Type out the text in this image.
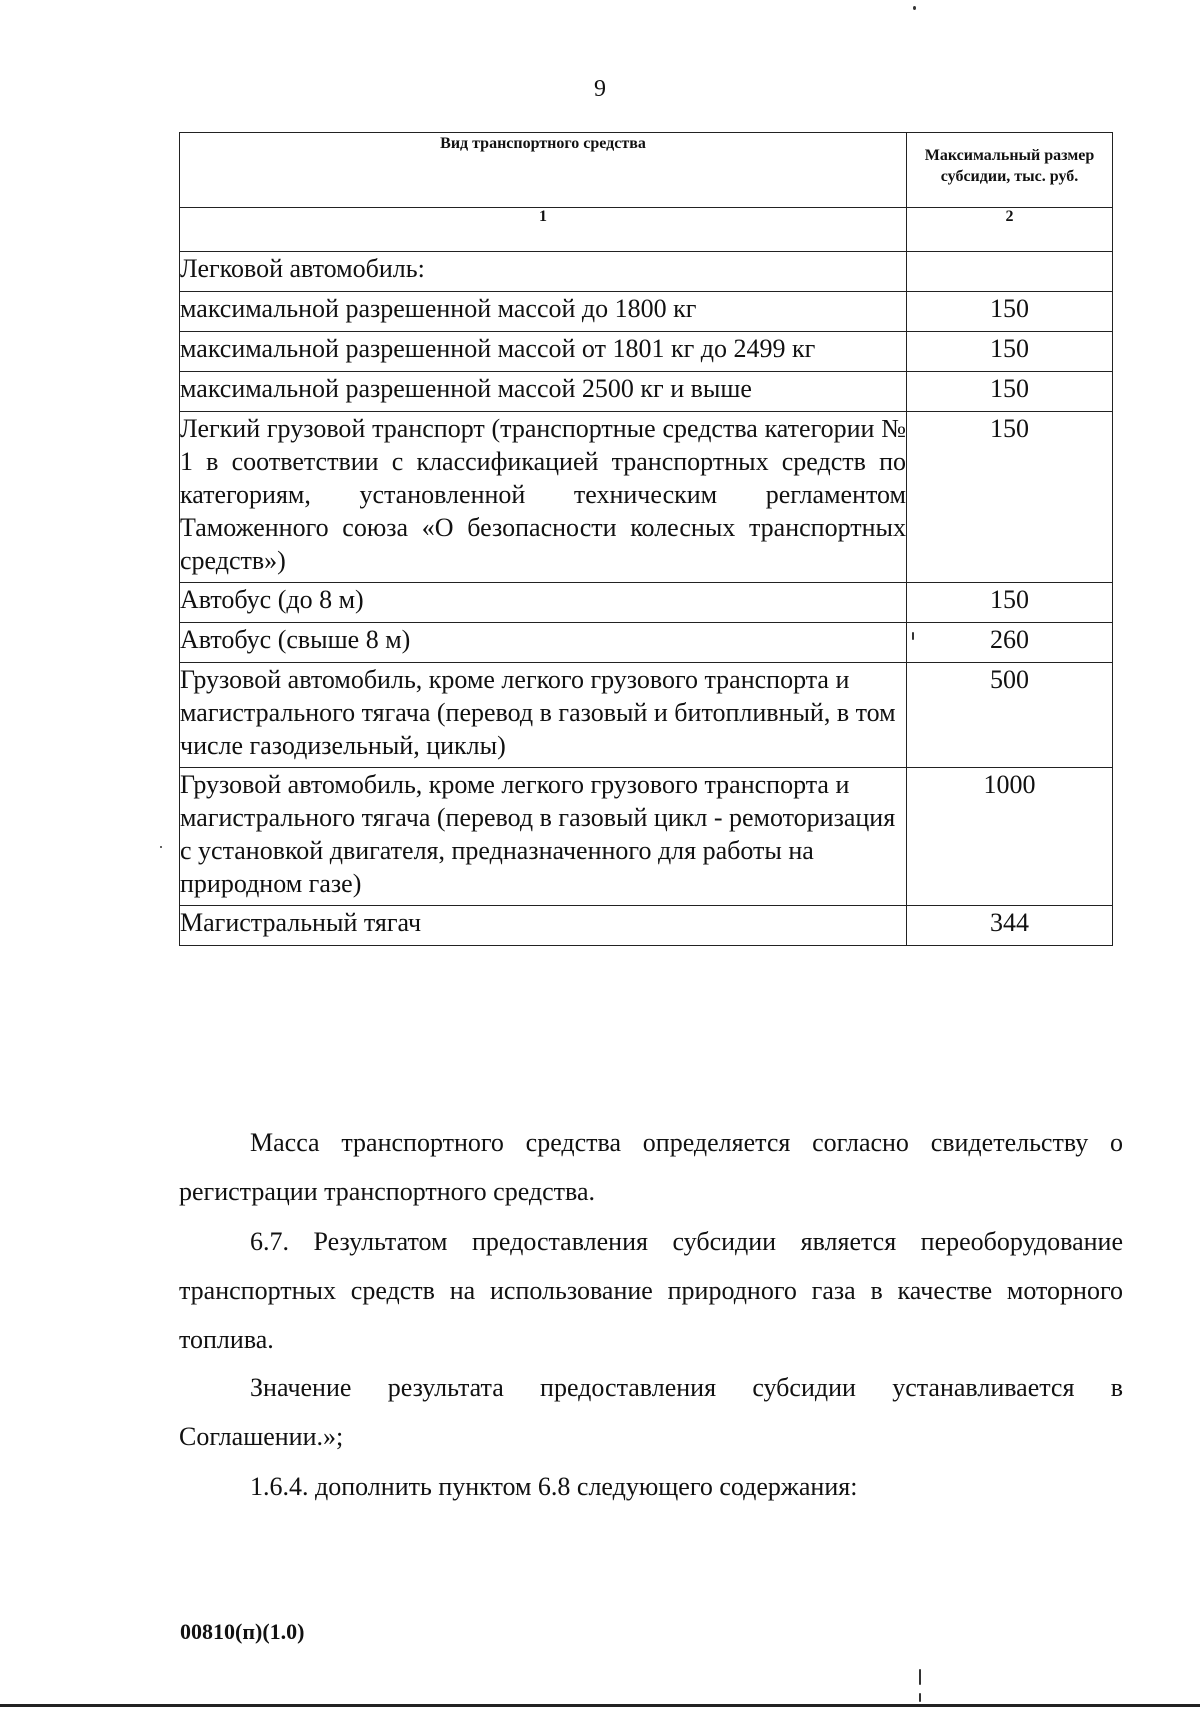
9
Вид транспортного средства	Максимальный размер субсидии, тыс. руб.
1	2
Легковой автомобиль:	
максимальной разрешенной массой до 1800 кг	150
максимальной разрешенной массой от 1801 кг до 2499 кг	150
максимальной разрешенной массой 2500 кг и выше	150
Легкий грузовой транспорт (транспортные средства категории № 1 в соответствии с классификацией транспортных средств по категориям, установленной техническим регламентом Таможенного союза «О безопасности колесных транспортных средств»)	150
Автобус (до 8 м)	150
Автобус (свыше 8 м)	260
Грузовой автомобиль, кроме легкого грузового транспорта и магистрального тягача (перевод в газовый и битопливный, в том числе газодизельный, циклы)	500
Грузовой автомобиль, кроме легкого грузового транспорта и магистрального тягача (перевод в газовый цикл - ремоторизация с установкой двигателя, предназначенного для работы на природном газе)	1000
Магистральный тягач	344

Масса транспортного средства определяется согласно свидетельству о регистрации транспортного средства.

6.7. Результатом предоставления субсидии является переоборудование транспортных средств на использование природного газа в качестве моторного топлива.

Значение результата предоставления субсидии устанавливается в Соглашении.»;

1.6.4. дополнить пунктом 6.8 следующего содержания:

00810(п)(1.0)
